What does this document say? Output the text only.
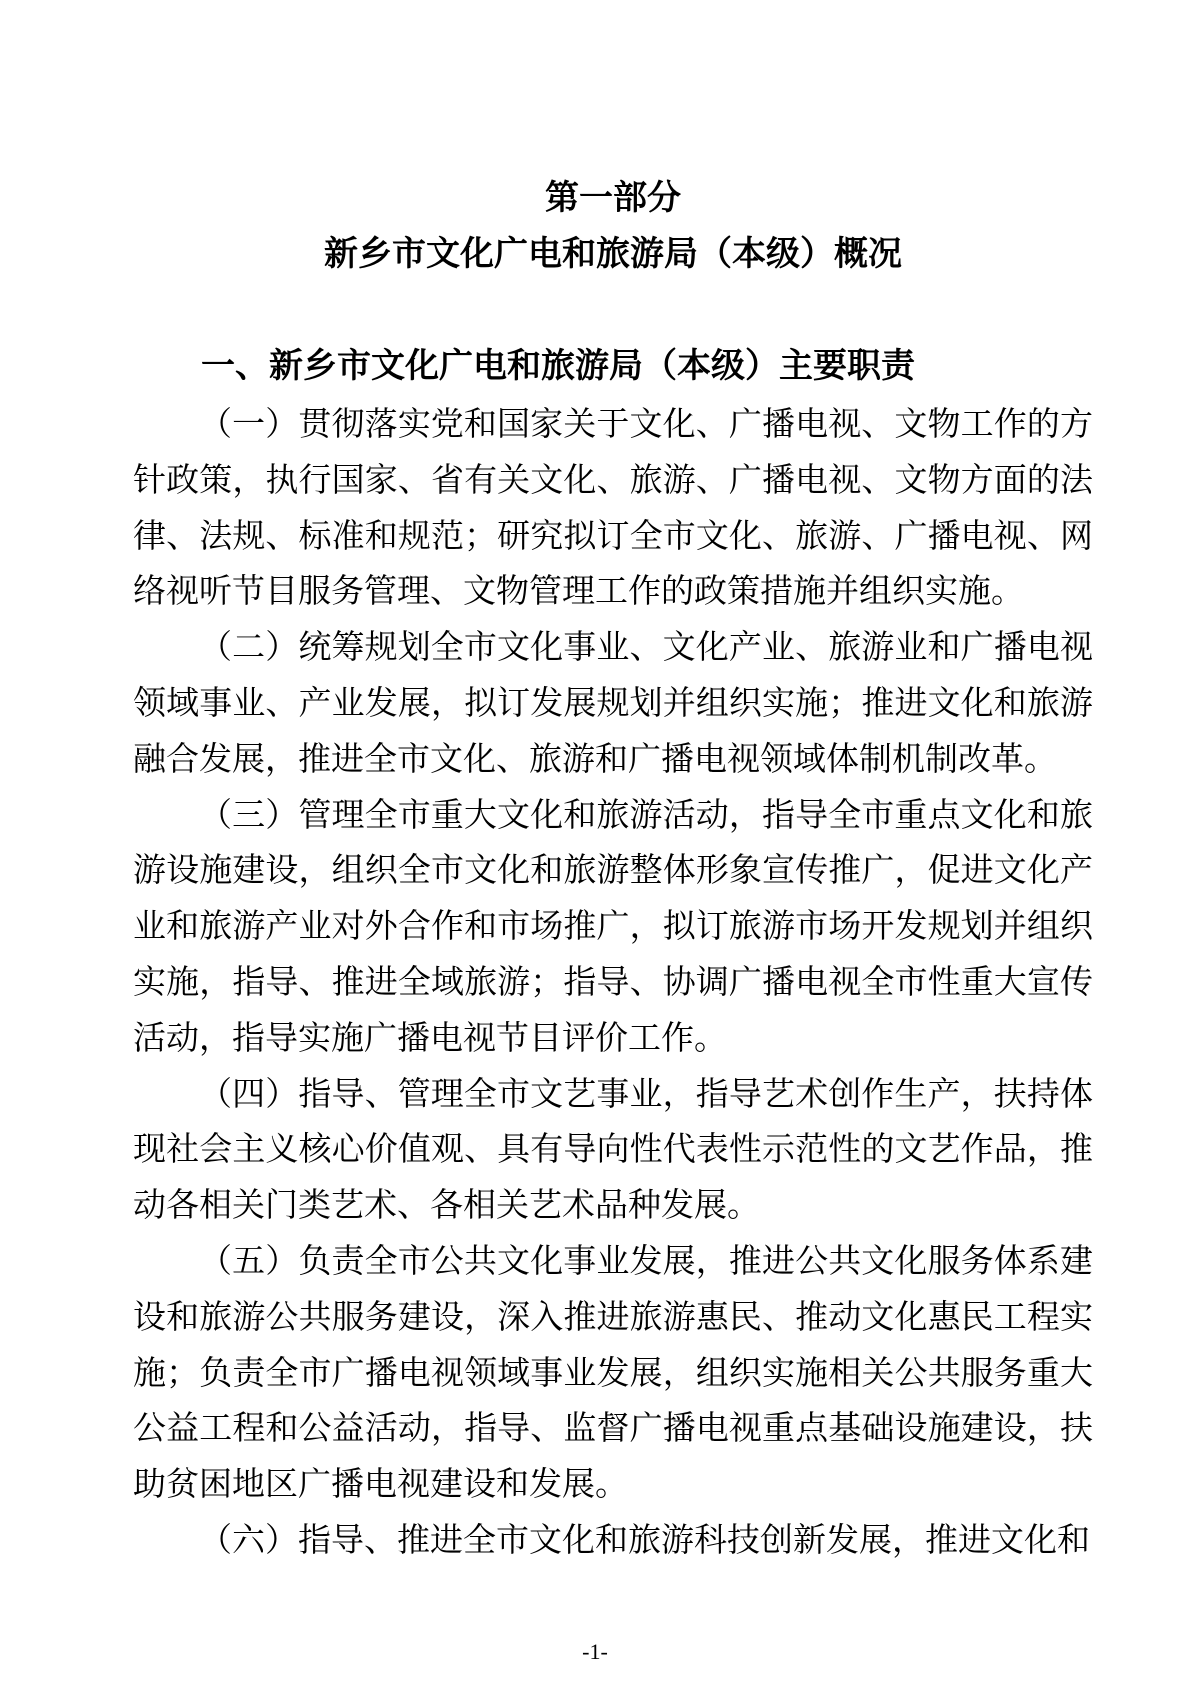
第一部分
新乡市文化广电和旅游局（本级）概况
一、新乡市文化广电和旅游局（本级）主要职责

（一）贯彻落实党和国家关于文化、广播电视、文物工作的方针政策，执行国家、省有关文化、旅游、广播电视、文物方面的法律、法规、标准和规范；研究拟订全市文化、旅游、广播电视、网络视听节目服务管理、文物管理工作的政策措施并组织实施。

（二）统筹规划全市文化事业、文化产业、旅游业和广播电视领域事业、产业发展，拟订发展规划并组织实施；推进文化和旅游融合发展，推进全市文化、旅游和广播电视领域体制机制改革。

（三）管理全市重大文化和旅游活动，指导全市重点文化和旅游设施建设，组织全市文化和旅游整体形象宣传推广，促进文化产业和旅游产业对外合作和市场推广，拟订旅游市场开发规划并组织实施，指导、推进全域旅游；指导、协调广播电视全市性重大宣传活动，指导实施广播电视节目评价工作。

（四）指导、管理全市文艺事业，指导艺术创作生产，扶持体现社会主义核心价值观、具有导向性代表性示范性的文艺作品，推动各相关门类艺术、各相关艺术品种发展。

（五）负责全市公共文化事业发展，推进公共文化服务体系建设和旅游公共服务建设，深入推进旅游惠民、推动文化惠民工程实施；负责全市广播电视领域事业发展，组织实施相关公共服务重大公益工程和公益活动，指导、监督广播电视重点基础设施建设，扶助贫困地区广播电视建设和发展。

（六）指导、推进全市文化和旅游科技创新发展，推进文化和

-1-
